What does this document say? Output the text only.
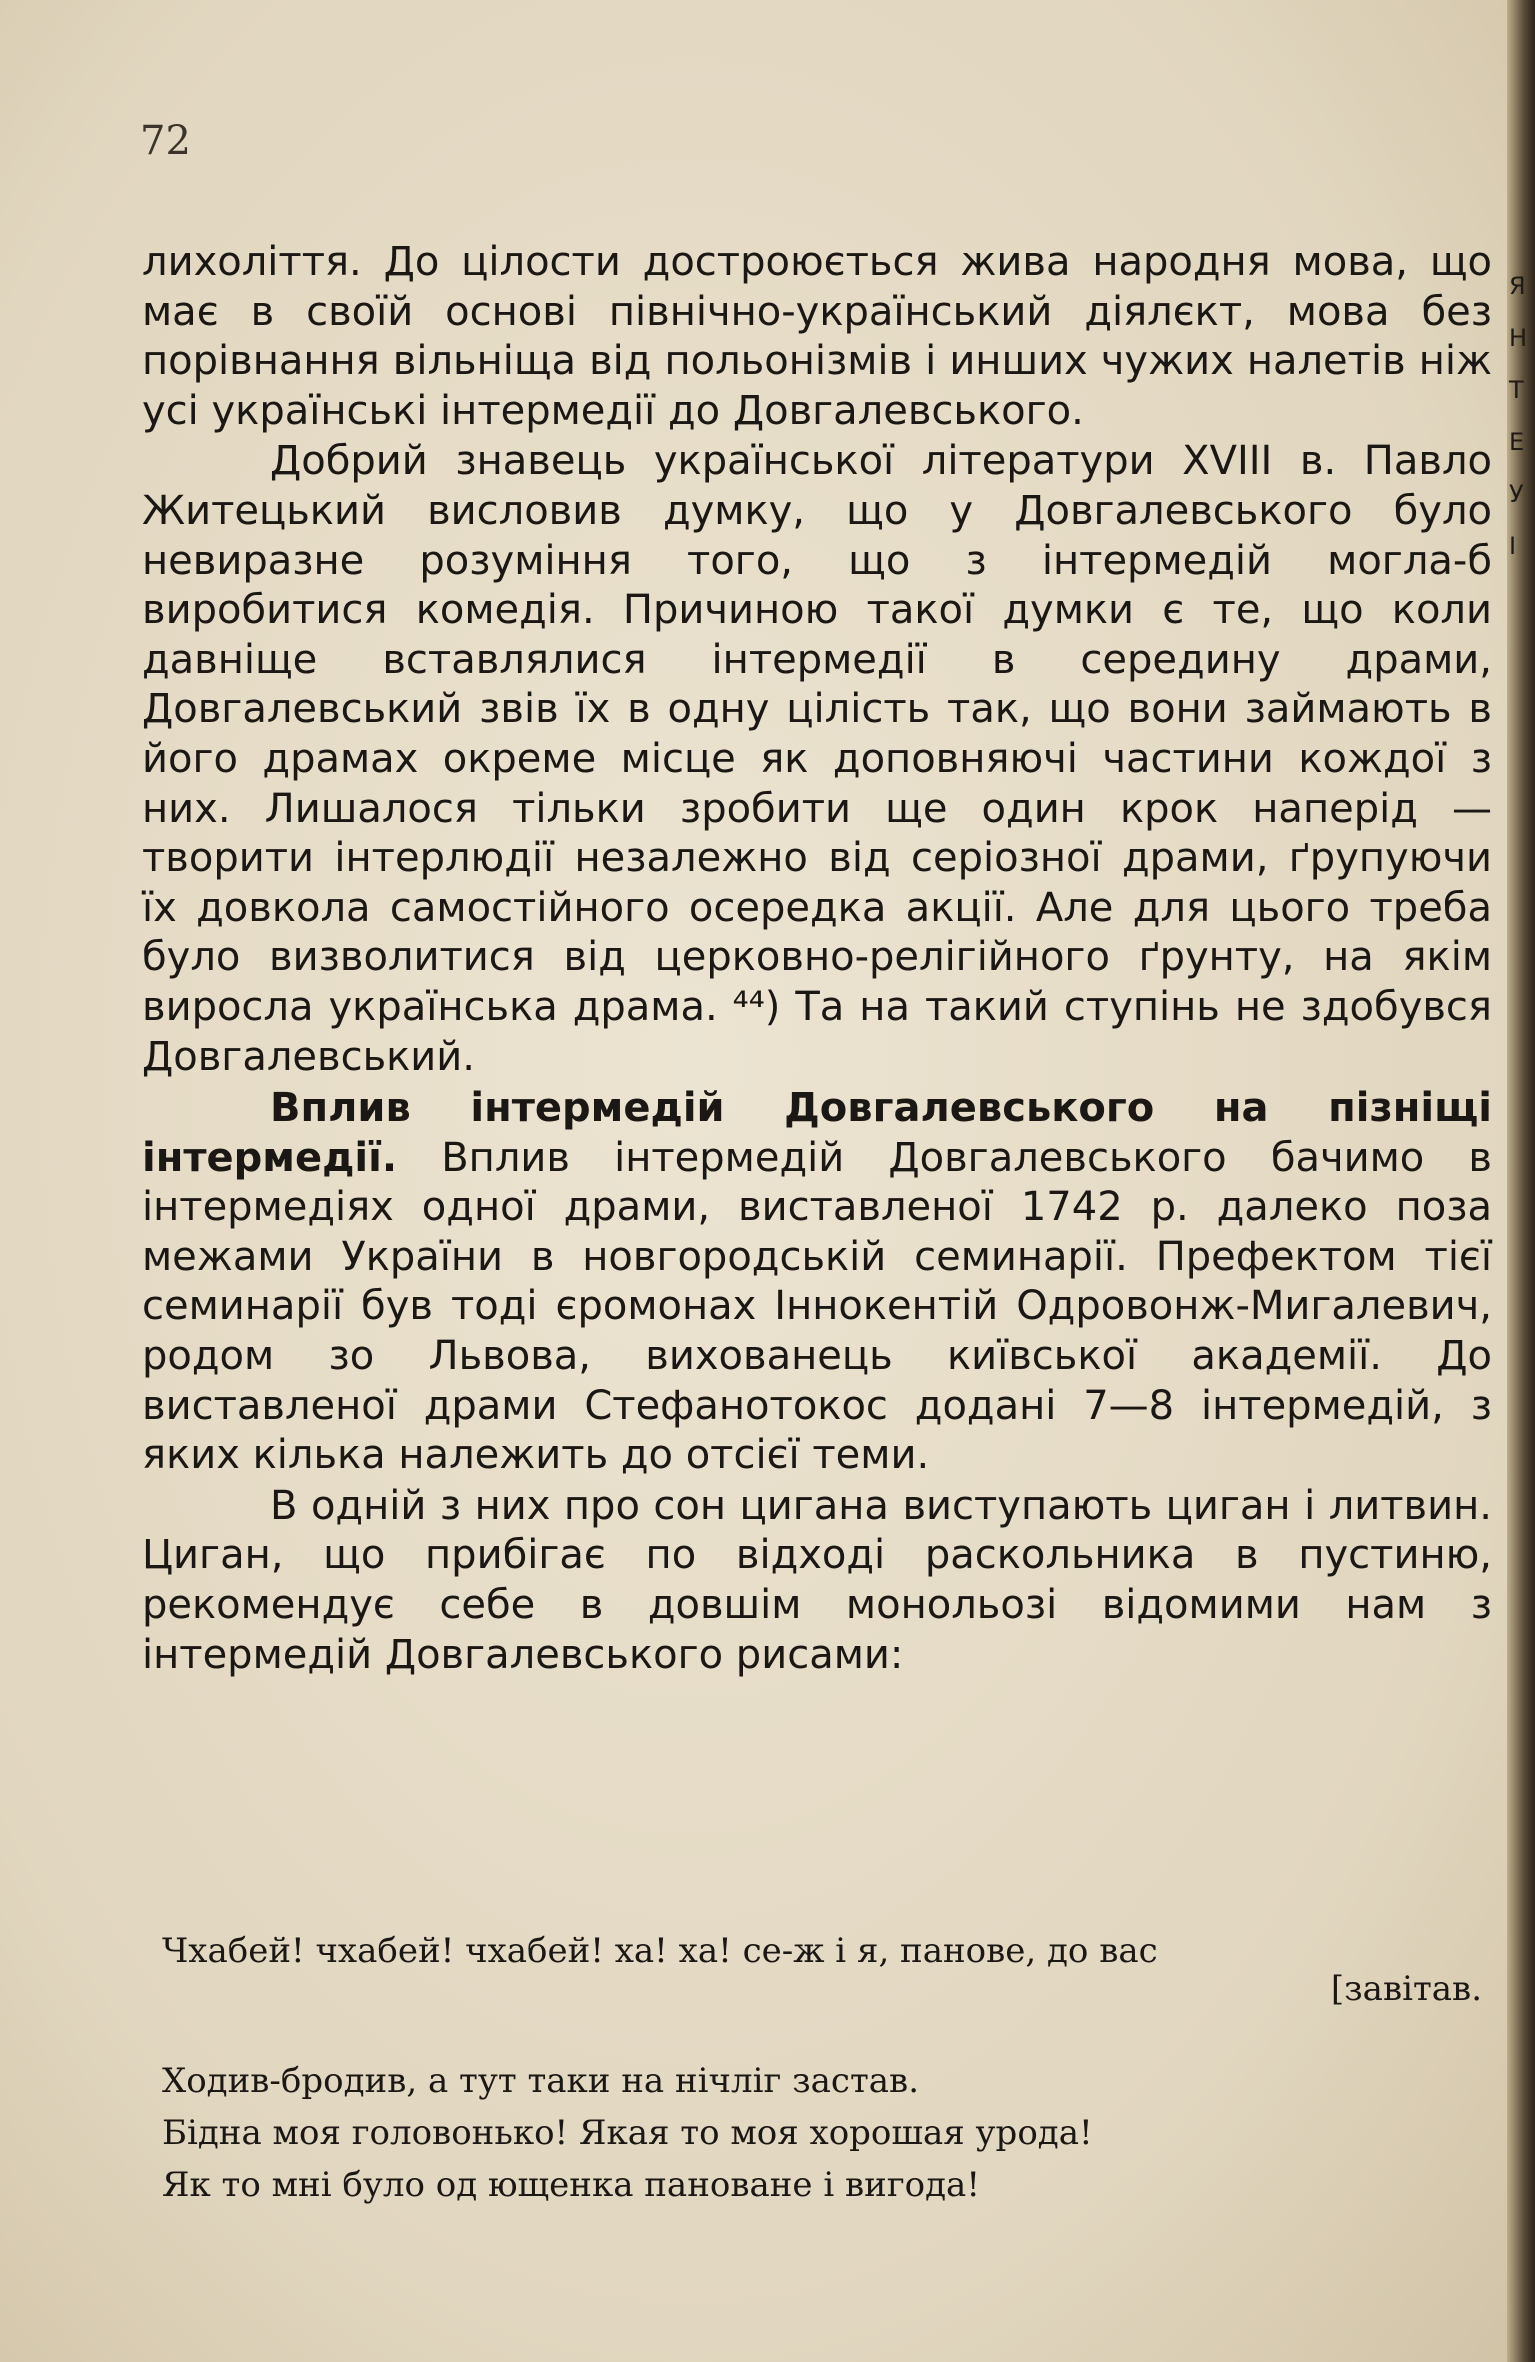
Я
Н
Т
Е
У
І
72

лихоліття. До цілости достроюється жива народня мова, що має в своїй основі північно-український діялєкт, мова без порівнання вільніща від польонізмів і инших чужих налетів ніж усі українські інтермедії до Довгалевського.

Добрий знавець української літератури XVIII в. Павло Житецький висловив думку, що у Довгалевського було невиразне розуміння того, що з інтермедій могла-б виробитися комедія. Причиною такої думки є те, що коли давніще вставлялися інтермедії в середину драми, Довгалевський звів їх в одну цілість так, що вони займають в його драмах окреме місце як доповняючі частини кождої з них. Лишалося тільки зробити ще один крок наперід — творити інтерлюдії незалежно від серіозної драми, ґрупуючи їх довкола самостійного осередка акції. Але для цього треба було визволитися від церковно-релігійного ґрунту, на якім виросла українська драма. ⁴⁴) Та на такий ступінь не здобувся Довгалевський.

Вплив інтермедій Довгалевського на пізніщі інтермедії. Вплив інтермедій Довгалевського бачимо в інтермедіях одної драми, виставленої 1742 р. далеко поза межами України в новгородській семинарії. Префектом тієї семинарії був тоді єромонах Іннокентій Одровонж-Мигалевич, родом зо Львова, вихованець київської академії. До виставленої драми Стефанотокос додані 7—8 інтермедій, з яких кілька належить до отсієї теми.

В одній з них про сон цигана виступають циган і литвин. Циган, що прибігає по відході раскольника в пустиню, рекомендує себе в довшім монольозі відомими нам з інтермедій Довгалевського рисами:

Чхабей! чхабей! чхабей! ха! ха! се-ж і я, панове, до вас
[завітав.
Ходив-бродив, а тут таки на нічліг застав.
Бідна моя головонько! Якая то моя хорошая урода!
Як то мні було од ющенка пановане і вигода!
